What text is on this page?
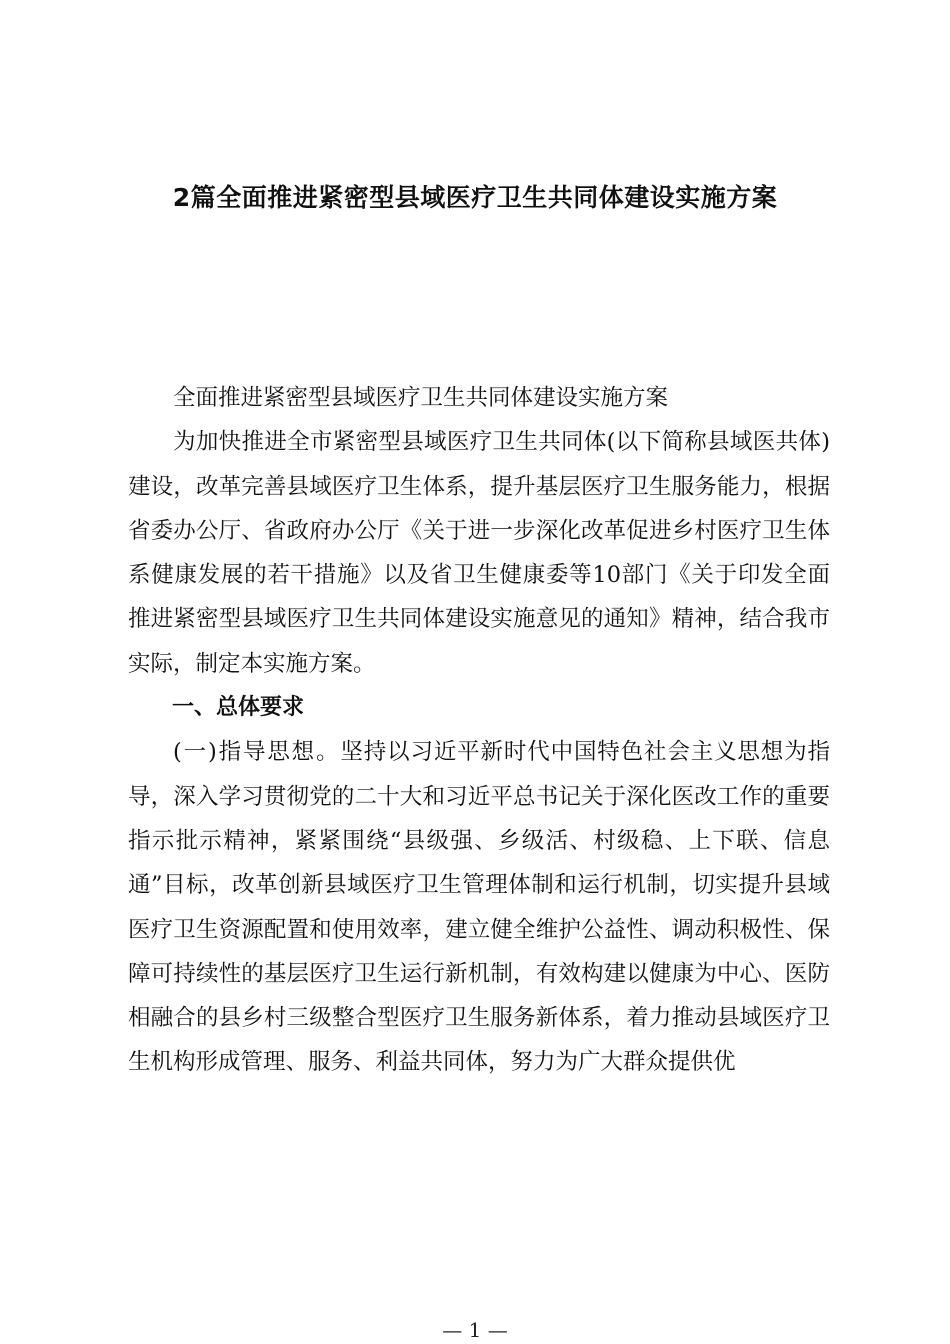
2篇全面推进紧密型县域医疗卫生共同体建设实施方案

全面推进紧密型县域医疗卫生共同体建设实施方案

为加快推进全市紧密型县域医疗卫生共同体(以下简称县域医共体)建设，改革完善县域医疗卫生体系，提升基层医疗卫生服务能力，根据省委办公厅、省政府办公厅《关于进一步深化改革促进乡村医疗卫生体系健康发展的若干措施》以及省卫生健康委等10部门《关于印发全面推进紧密型县域医疗卫生共同体建设实施意见的通知》精神，结合我市实际，制定本实施方案。

一、总体要求

(一)指导思想。坚持以习近平新时代中国特色社会主义思想为指导，深入学习贯彻党的二十大和习近平总书记关于深化医改工作的重要指示批示精神，紧紧围绕“县级强、乡级活、村级稳、上下联、信息通”目标，改革创新县域医疗卫生管理体制和运行机制，切实提升县域医疗卫生资源配置和使用效率，建立健全维护公益性、调动积极性、保障可持续性的基层医疗卫生运行新机制，有效构建以健康为中心、医防相融合的县乡村三级整合型医疗卫生服务新体系，着力推动县域医疗卫生机构形成管理、服务、利益共同体，努力为广大群众提供优

— 1 —
